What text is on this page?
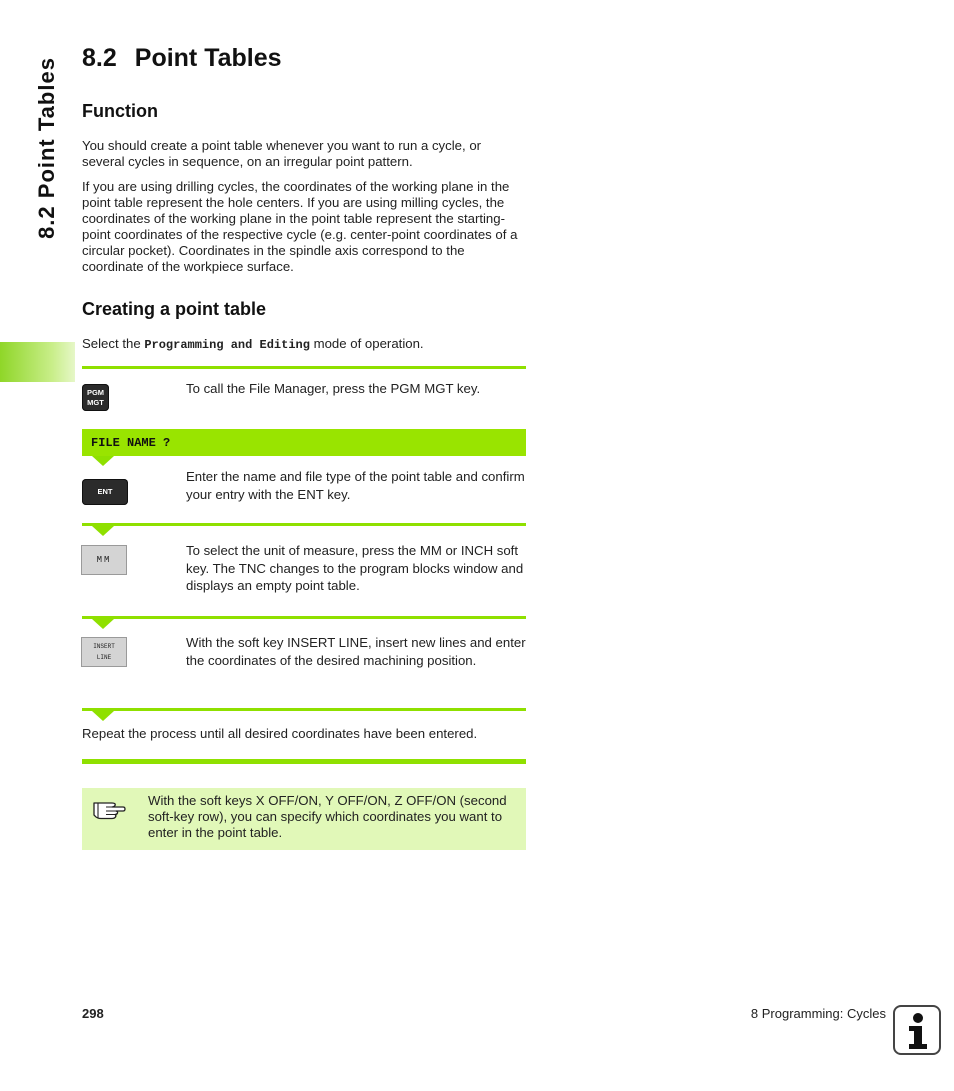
8.2 Point Tables 8.2 Point Tables
Function

You should create a point table whenever you want to run a cycle, or several cycles in sequence, on an irregular point pattern.

If you are using drilling cycles, the coordinates of the working plane in the point table represent the hole centers. If you are using milling cycles, the coordinates of the working plane in the point table represent the starting-point coordinates of the respective cycle (e.g. center-point coordinates of a circular pocket). Coordinates in the spindle axis correspond to the coordinate of the workpiece surface.

Creating a point table

Select the Programming and Editing mode of operation.

PGM
MGT

To call the File Manager, press the PGM MGT key.

FILE NAME ?
ENT

Enter the name and file type of the point table and confirm your entry with the ENT key.

MM

To select the unit of measure, press the MM or INCH soft key. The TNC changes to the program blocks window and displays an empty point table.

INSERT
LINE

With the soft key INSERT LINE, insert new lines and enter the coordinates of the desired machining position.

Repeat the process until all desired coordinates have been entered.

With the soft keys X OFF/ON, Y OFF/ON, Z OFF/ON (second soft-key row), you can specify which coordinates you want to enter in the point table.

298	8 Programming: Cycles
